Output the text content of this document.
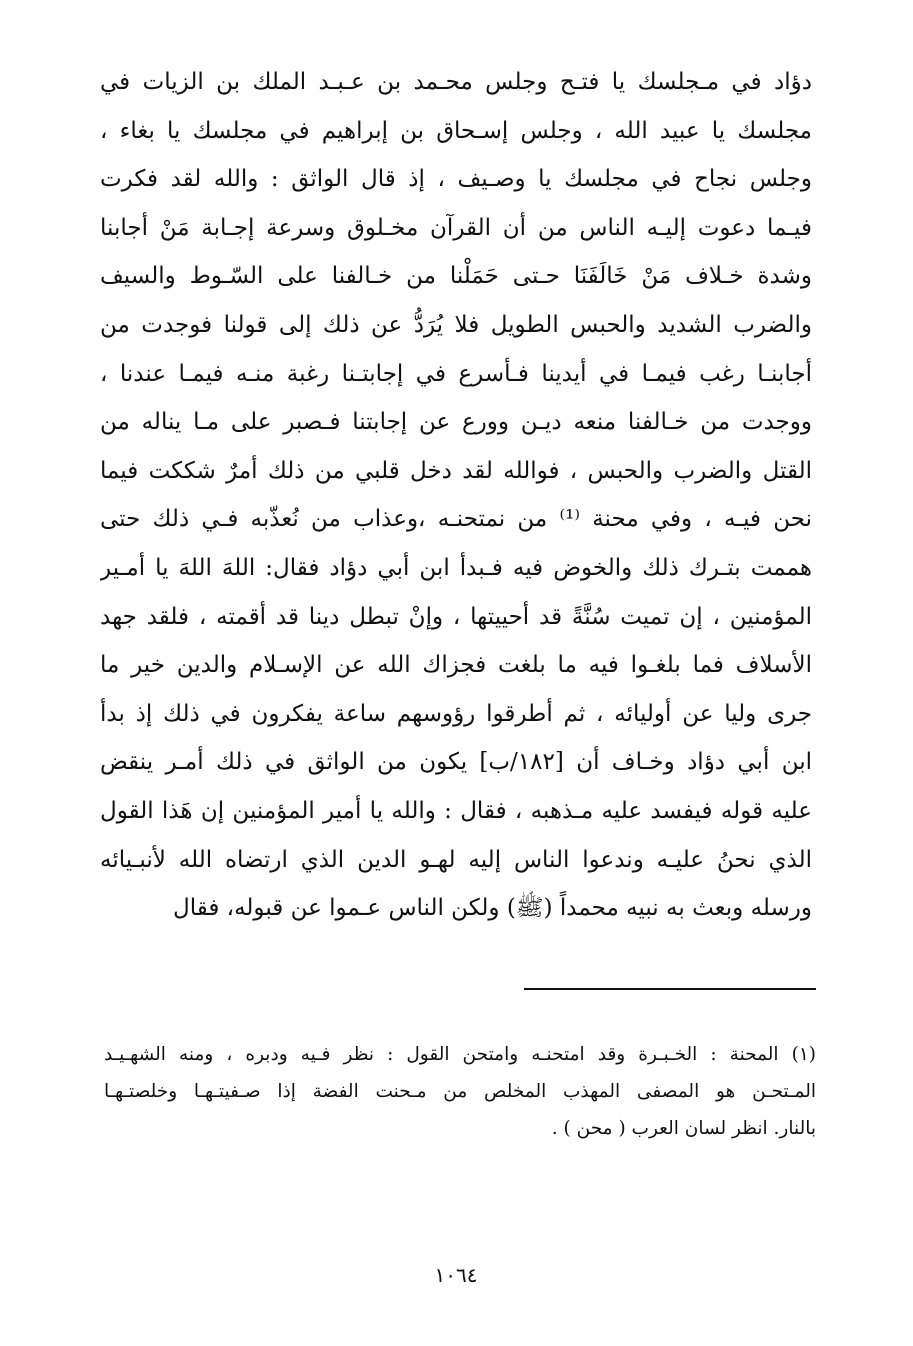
دؤاد في مـجلسك يا فتـح وجلس محـمد بن عـبـد الملك بن الزيات في
مجلسك يا عبيد الله ، وجلس إسـحاق بن إبراهيم في مجلسك يا بغاء ،
وجلس نجاح في مجلسك يا وصـيف ، إذ قال الواثق : والله لقد فكرت
فيـما دعوت إليـه الناس من أن القرآن مخـلوق وسرعة إجـابة مَنْ أجابنا
وشدة خـلاف مَنْ خَالَفَنَا حـتى حَمَلْنا من خـالفنا على السّـوط والسيف
والضرب الشديد والحبس الطويل فلا يُرَدُّ عن ذلك إلى قولنا فوجدت من
أجابنـا رغب فيمـا في أيدينا فـأسرع في إجابتـنا رغبة منـه فيمـا عندنا ،
ووجدت من خـالفنا منعه ديـن وورع عن إجابتنا فـصبر على مـا يناله من
القتل والضرب والحبس ، فوالله لقد دخل قلبي من ذلك أمرٌ شككت فيما
نحن فيـه ، وفي محنة ⁽¹⁾ من نمتحنـه ،وعذاب من نُعذّبه فـي ذلك حتى
هممت بتـرك ذلك والخوض فيه فـبدأ ابن أبي دؤاد فقال: اللهَ اللهَ يا أمـير
المؤمنين ، إن تميت سُنَّةً قد أحييتها ، وإنْ تبطل دينا قد أقمته ، فلقد جهد
الأسلاف فما بلغـوا فيه ما بلغت فجزاك الله عن الإسـلام والدين خير ما
جرى وليا عن أوليائه ، ثم أطرقوا رؤوسهم ساعة يفكرون في ذلك إذ بدأ
ابن أبي دؤاد وخـاف أن [١٨٢/ب] يكون من الواثق في ذلك أمـر ينقض
عليه قوله فيفسد عليه مـذهبه ، فقال : والله يا أمير المؤمنين إن هَذا القول
الذي نحنُ عليـه وندعوا الناس إليه لهـو الدين الذي ارتضاه الله لأنبـيائه
ورسله وبعث به نبيه محمداً (ﷺ) ولكن الناس عـموا عن قبوله، فقال
(١) المحنة : الخـبـرة وقد امتحنـه وامتحن القول : نظر فـيه ودبره ، ومنه الشهـيـد
المـتحـن هو المصفى المهذب المخلص من مـحنت الفضة إذا صـفيتـهـا وخلصتـهـا
بالنار. انظر لسان العرب ( محن ) .
١٠٦٤
